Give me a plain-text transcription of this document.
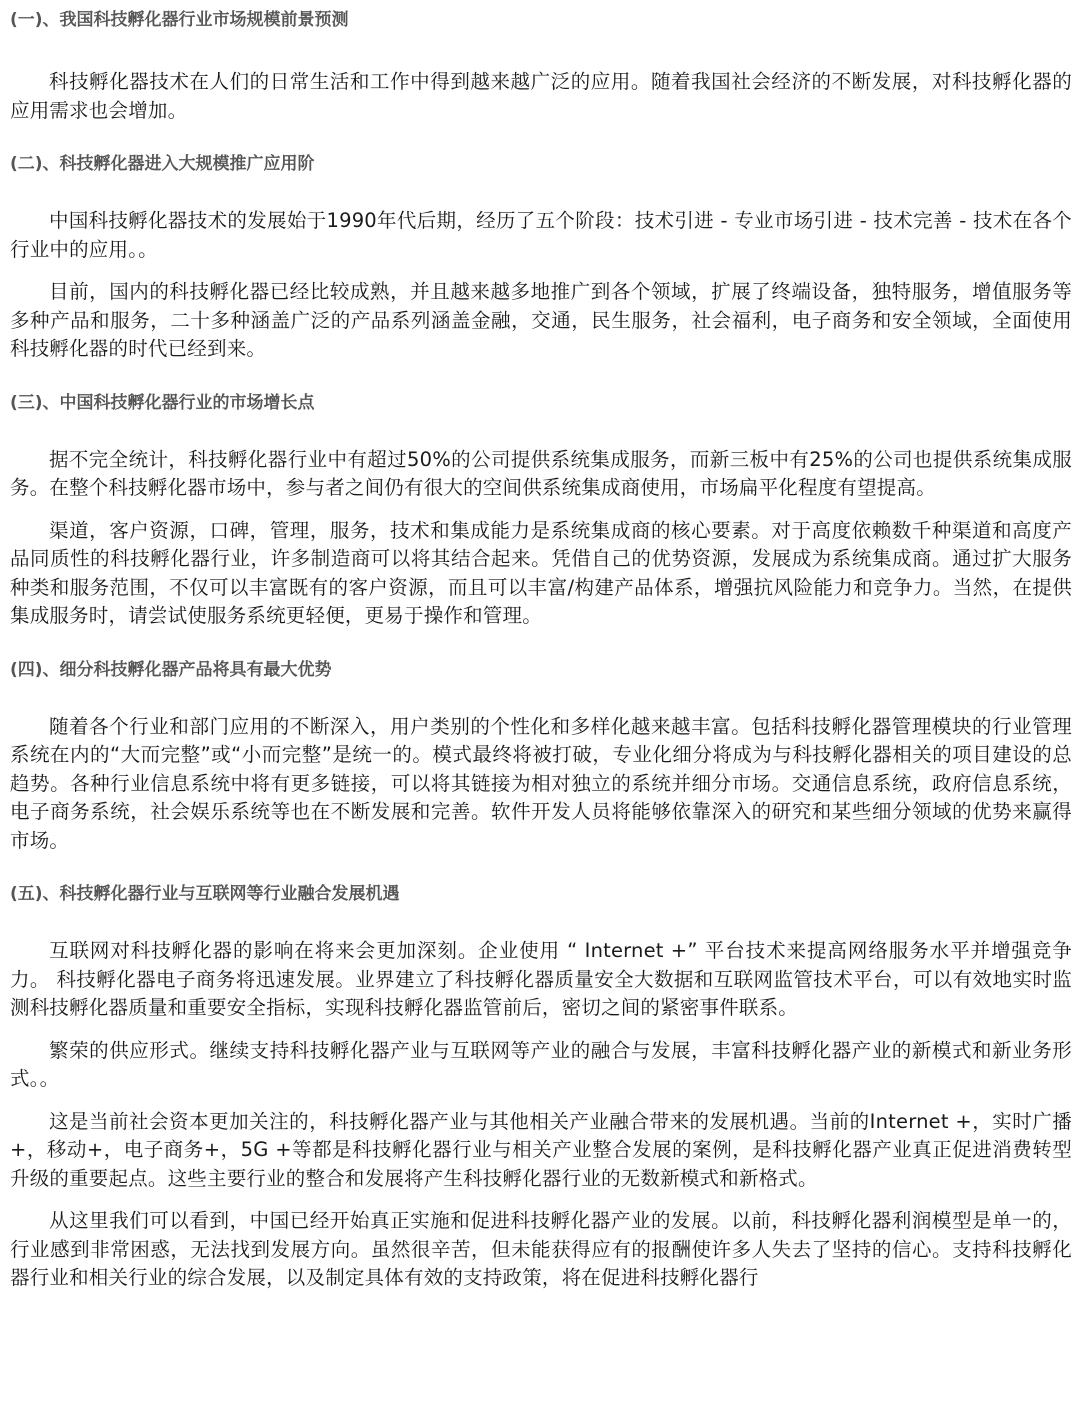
(一)、我国科技孵化器行业市场规模前景预测

科技孵化器技术在人们的日常生活和工作中得到越来越广泛的应用。随着我国社会经济的不断发展，对科技孵化器的应用需求也会增加。

(二)、科技孵化器进入大规模推广应用阶

中国科技孵化器技术的发展始于1990年代后期，经历了五个阶段：技术引进 - 专业市场引进 - 技术完善 - 技术在各个行业中的应用。。

目前，国内的科技孵化器已经比较成熟，并且越来越多地推广到各个领域，扩展了终端设备，独特服务，增值服务等多种产品和服务，二十多种涵盖广泛的产品系列涵盖金融，交通，民生服务，社会福利，电子商务和安全领域，全面使用科技孵化器的时代已经到来。

(三)、中国科技孵化器行业的市场增长点

据不完全统计，科技孵化器行业中有超过50%的公司提供系统集成服务，而新三板中有25%的公司也提供系统集成服务。在整个科技孵化器市场中，参与者之间仍有很大的空间供系统集成商使用，市场扁平化程度有望提高。

渠道，客户资源，口碑，管理，服务，技术和集成能力是系统集成商的核心要素。对于高度依赖数千种渠道和高度产品同质性的科技孵化器行业，许多制造商可以将其结合起来。凭借自己的优势资源，发展成为系统集成商。通过扩大服务种类和服务范围，不仅可以丰富既有的客户资源，而且可以丰富/构建产品体系，增强抗风险能力和竞争力。当然，在提供集成服务时，请尝试使服务系统更轻便，更易于操作和管理。

(四)、细分科技孵化器产品将具有最大优势

随着各个行业和部门应用的不断深入，用户类别的个性化和多样化越来越丰富。包括科技孵化器管理模块的行业管理系统在内的“大而完整”或“小而完整”是统一的。模式最终将被打破，专业化细分将成为与科技孵化器相关的项目建设的总趋势。各种行业信息系统中将有更多链接，可以将其链接为相对独立的系统并细分市场。交通信息系统，政府信息系统，电子商务系统，社会娱乐系统等也在不断发展和完善。软件开发人员将能够依靠深入的研究和某些细分领域的优势来赢得市场。

(五)、科技孵化器行业与互联网等行业融合发展机遇

互联网对科技孵化器的影响在将来会更加深刻。企业使用 “ Internet +” 平台技术来提高网络服务水平并增强竞争力。 科技孵化器电子商务将迅速发展。业界建立了科技孵化器质量安全大数据和互联网监管技术平台，可以有效地实时监测科技孵化器质量和重要安全指标，实现科技孵化器监管前后，密切之间的紧密事件联系。

繁荣的供应形式。继续支持科技孵化器产业与互联网等产业的融合与发展，丰富科技孵化器产业的新模式和新业务形式。。

这是当前社会资本更加关注的，科技孵化器产业与其他相关产业融合带来的发展机遇。当前的Internet +，实时广播+，移动+，电子商务+，5G +等都是科技孵化器行业与相关产业整合发展的案例，是科技孵化器产业真正促进消费转型升级的重要起点。这些主要行业的整合和发展将产生科技孵化器行业的无数新模式和新格式。

从这里我们可以看到，中国已经开始真正实施和促进科技孵化器产业的发展。以前，科技孵化器利润模型是单一的，行业感到非常困惑，无法找到发展方向。虽然很辛苦，但未能获得应有的报酬使许多人失去了坚持的信心。支持科技孵化器行业和相关行业的综合发展，以及制定具体有效的支持政策，将在促进科技孵化器行
